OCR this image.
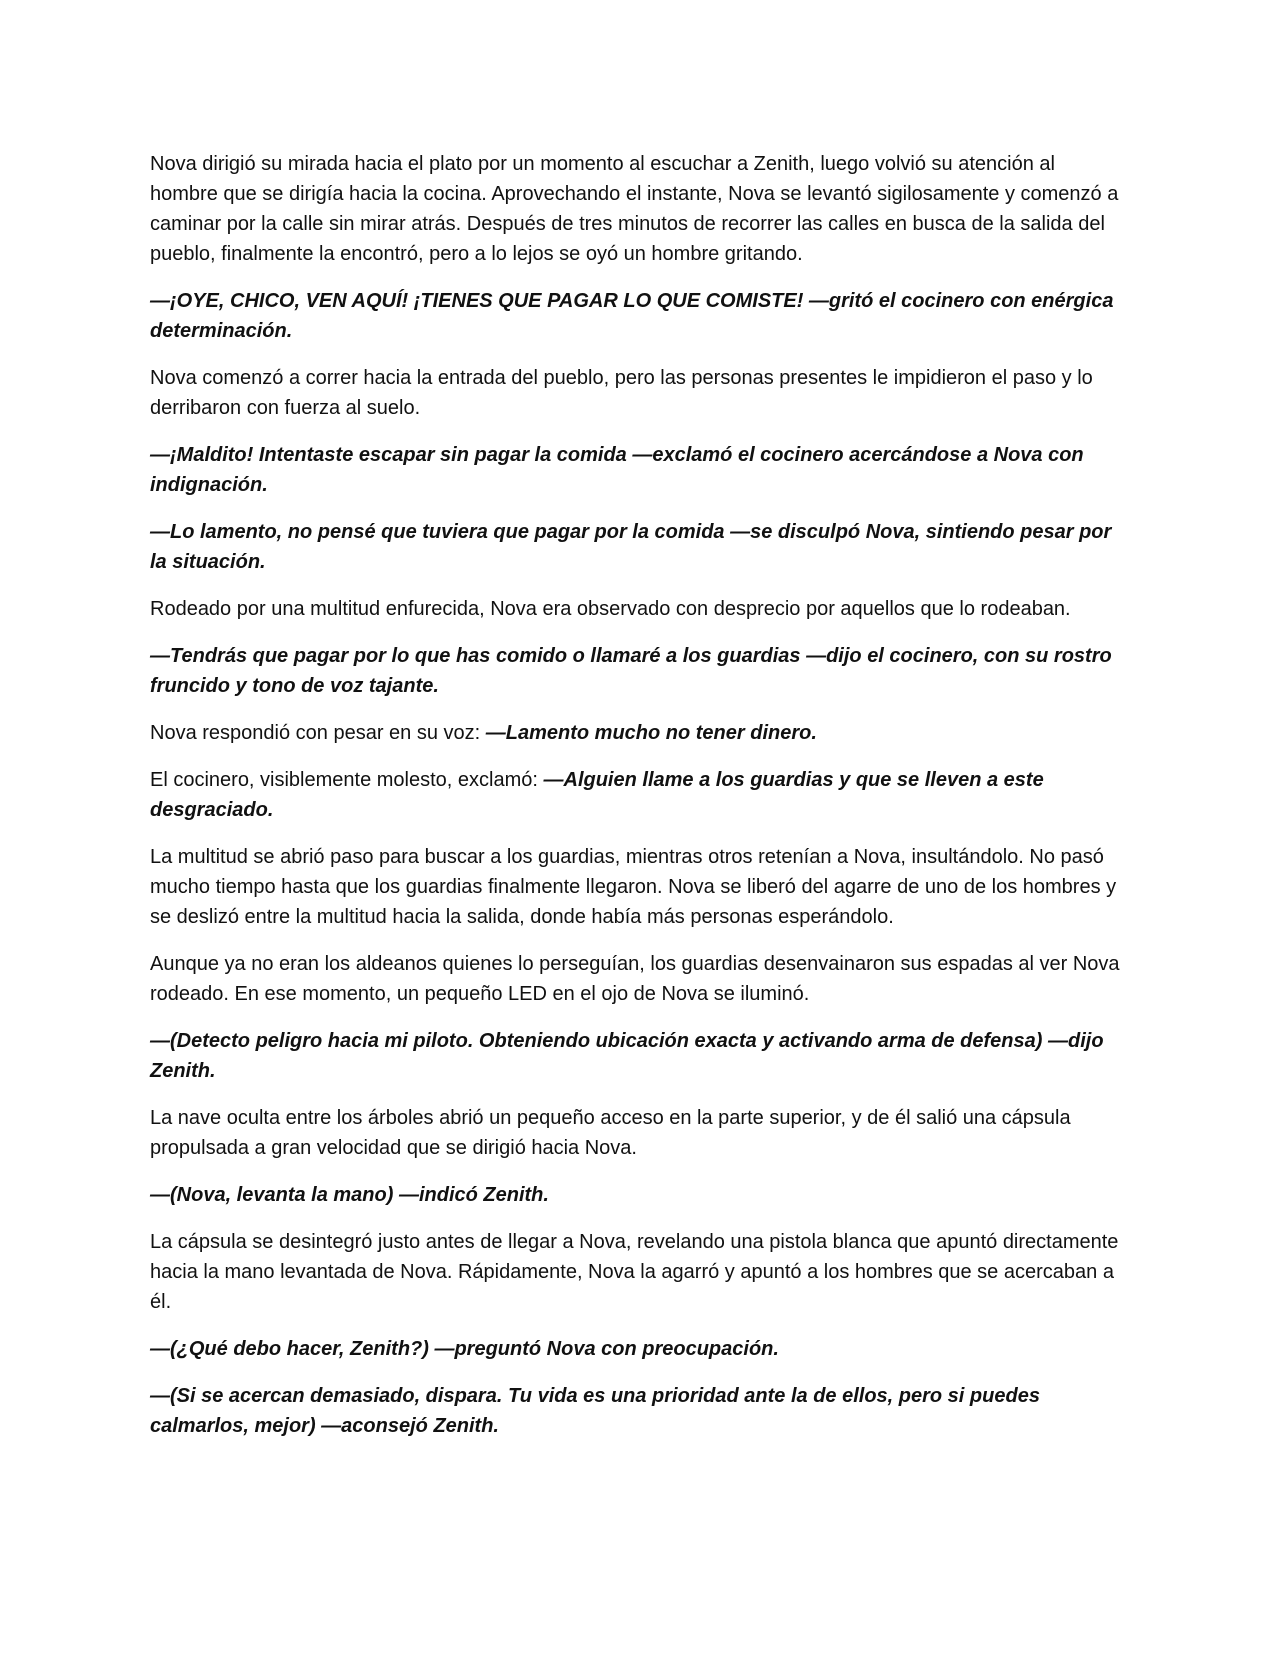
Nova dirigió su mirada hacia el plato por un momento al escuchar a Zenith, luego volvió su atención al hombre que se dirigía hacia la cocina. Aprovechando el instante, Nova se levantó sigilosamente y comenzó a caminar por la calle sin mirar atrás. Después de tres minutos de recorrer las calles en busca de la salida del pueblo, finalmente la encontró, pero a lo lejos se oyó un hombre gritando.

—¡OYE, CHICO, VEN AQUÍ! ¡TIENES QUE PAGAR LO QUE COMISTE! —gritó el cocinero con enérgica determinación.

Nova comenzó a correr hacia la entrada del pueblo, pero las personas presentes le impidieron el paso y lo derribaron con fuerza al suelo.

—¡Maldito! Intentaste escapar sin pagar la comida —exclamó el cocinero acercándose a Nova con indignación.

—Lo lamento, no pensé que tuviera que pagar por la comida —se disculpó Nova, sintiendo pesar por la situación.

Rodeado por una multitud enfurecida, Nova era observado con desprecio por aquellos que lo rodeaban.

—Tendrás que pagar por lo que has comido o llamaré a los guardias —dijo el cocinero, con su rostro fruncido y tono de voz tajante.

Nova respondió con pesar en su voz: —Lamento mucho no tener dinero.

El cocinero, visiblemente molesto, exclamó: —Alguien llame a los guardias y que se lleven a este desgraciado.

La multitud se abrió paso para buscar a los guardias, mientras otros retenían a Nova, insultándolo. No pasó mucho tiempo hasta que los guardias finalmente llegaron. Nova se liberó del agarre de uno de los hombres y se deslizó entre la multitud hacia la salida, donde había más personas esperándolo.

Aunque ya no eran los aldeanos quienes lo perseguían, los guardias desenvainaron sus espadas al ver Nova rodeado. En ese momento, un pequeño LED en el ojo de Nova se iluminó.

—(Detecto peligro hacia mi piloto. Obteniendo ubicación exacta y activando arma de defensa) —dijo Zenith.

La nave oculta entre los árboles abrió un pequeño acceso en la parte superior, y de él salió una cápsula propulsada a gran velocidad que se dirigió hacia Nova.

—(Nova, levanta la mano) —indicó Zenith.

La cápsula se desintegró justo antes de llegar a Nova, revelando una pistola blanca que apuntó directamente hacia la mano levantada de Nova. Rápidamente, Nova la agarró y apuntó a los hombres que se acercaban a él.

—(¿Qué debo hacer, Zenith?) —preguntó Nova con preocupación.

—(Si se acercan demasiado, dispara. Tu vida es una prioridad ante la de ellos, pero si puedes calmarlos, mejor) —aconsejó Zenith.
